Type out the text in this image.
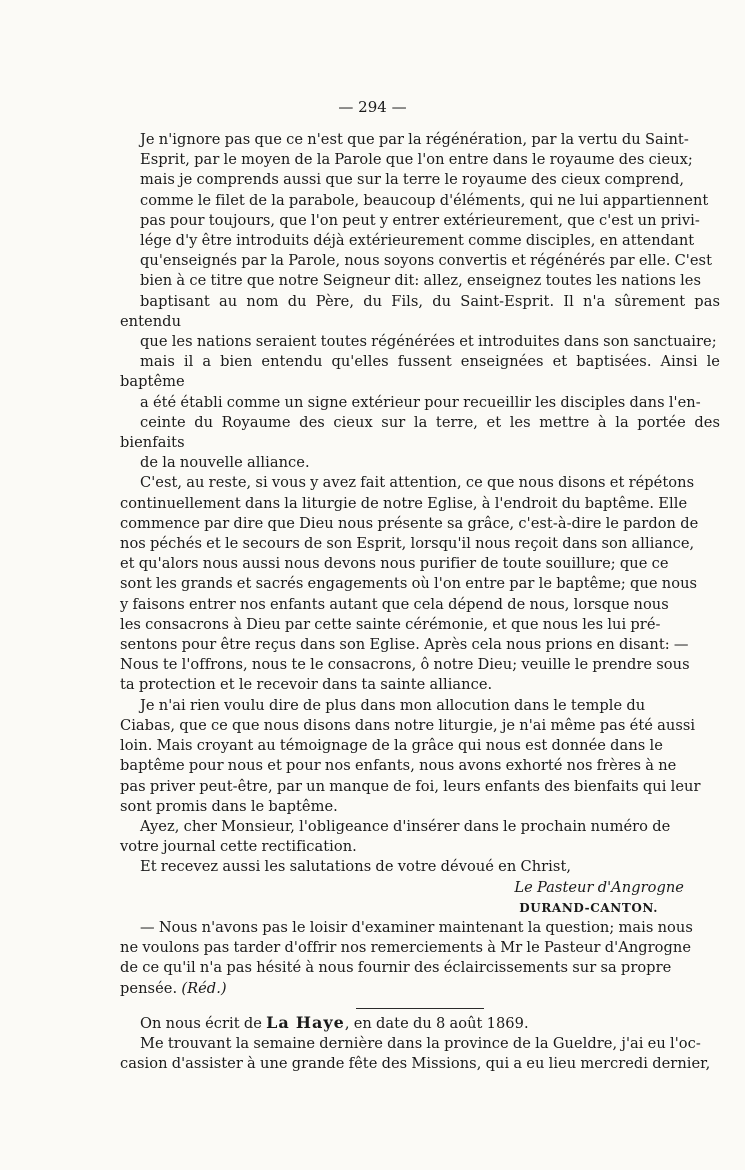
— 294 —
Je n'ignore pas que ce n'est que par la régénération, par la vertu du Saint-
Esprit, par le moyen de la Parole que l'on entre dans le royaume des cieux;
mais je comprends aussi que sur la terre le royaume des cieux comprend,
comme le filet de la parabole, beaucoup d'éléments, qui ne lui appartiennent
pas pour toujours, que l'on peut y entrer extérieurement, que c'est un privi-
lége d'y être introduits déjà extérieurement comme disciples, en attendant
qu'enseignés par la Parole, nous soyons convertis et régénérés par elle. C'est
bien à ce titre que notre Seigneur dit: allez, enseignez toutes les nations les
baptisant au nom du Père, du Fils, du Saint-Esprit. Il n'a sûrement pas entendu
que les nations seraient toutes régénérées et introduites dans son sanctuaire;
mais il a bien entendu qu'elles fussent enseignées et baptisées. Ainsi le baptême
a été établi comme un signe extérieur pour recueillir les disciples dans l'en-
ceinte du Royaume des cieux sur la terre, et les mettre à la portée des bienfaits
de la nouvelle alliance.
C'est, au reste, si vous y avez fait attention, ce que nous disons et répétons
continuellement dans la liturgie de notre Eglise, à l'endroit du baptême. Elle
commence par dire que Dieu nous présente sa grâce, c'est-à-dire le pardon de
nos péchés et le secours de son Esprit, lorsqu'il nous reçoit dans son alliance,
et qu'alors nous aussi nous devons nous purifier de toute souillure; que ce
sont les grands et sacrés engagements où l'on entre par le baptême; que nous
y faisons entrer nos enfants autant que cela dépend de nous, lorsque nous
les consacrons à Dieu par cette sainte cérémonie, et que nous les lui pré-
sentons pour être reçus dans son Eglise. Après cela nous prions en disant: —
Nous te l'offrons, nous te le consacrons, ô notre Dieu; veuille le prendre sous
ta protection et le recevoir dans ta sainte alliance.
Je n'ai rien voulu dire de plus dans mon allocution dans le temple du
Ciabas, que ce que nous disons dans notre liturgie, je n'ai même pas été aussi
loin. Mais croyant au témoignage de la grâce qui nous est donnée dans le
baptême pour nous et pour nos enfants, nous avons exhorté nos frères à ne
pas priver peut-être, par un manque de foi, leurs enfants des bienfaits qui leur
sont promis dans le baptême.
Ayez, cher Monsieur, l'obligeance d'insérer dans le prochain numéro de
votre journal cette rectification.
Et recevez aussi les salutations de votre dévoué en Christ,
Le Pasteur d'Angrogne
DURAND-CANTON.
— Nous n'avons pas le loisir d'examiner maintenant la question; mais nous
ne voulons pas tarder d'offrir nos remerciements à Mr le Pasteur d'Angrogne
de ce qu'il n'a pas hésité à nous fournir des éclaircissements sur sa propre
pensée. (Réd.)
On nous écrit de La Haye, en date du 8 août 1869.
Me trouvant la semaine dernière dans la province de la Gueldre, j'ai eu l'oc-
casion d'assister à une grande fête des Missions, qui a eu lieu mercredi dernier,
